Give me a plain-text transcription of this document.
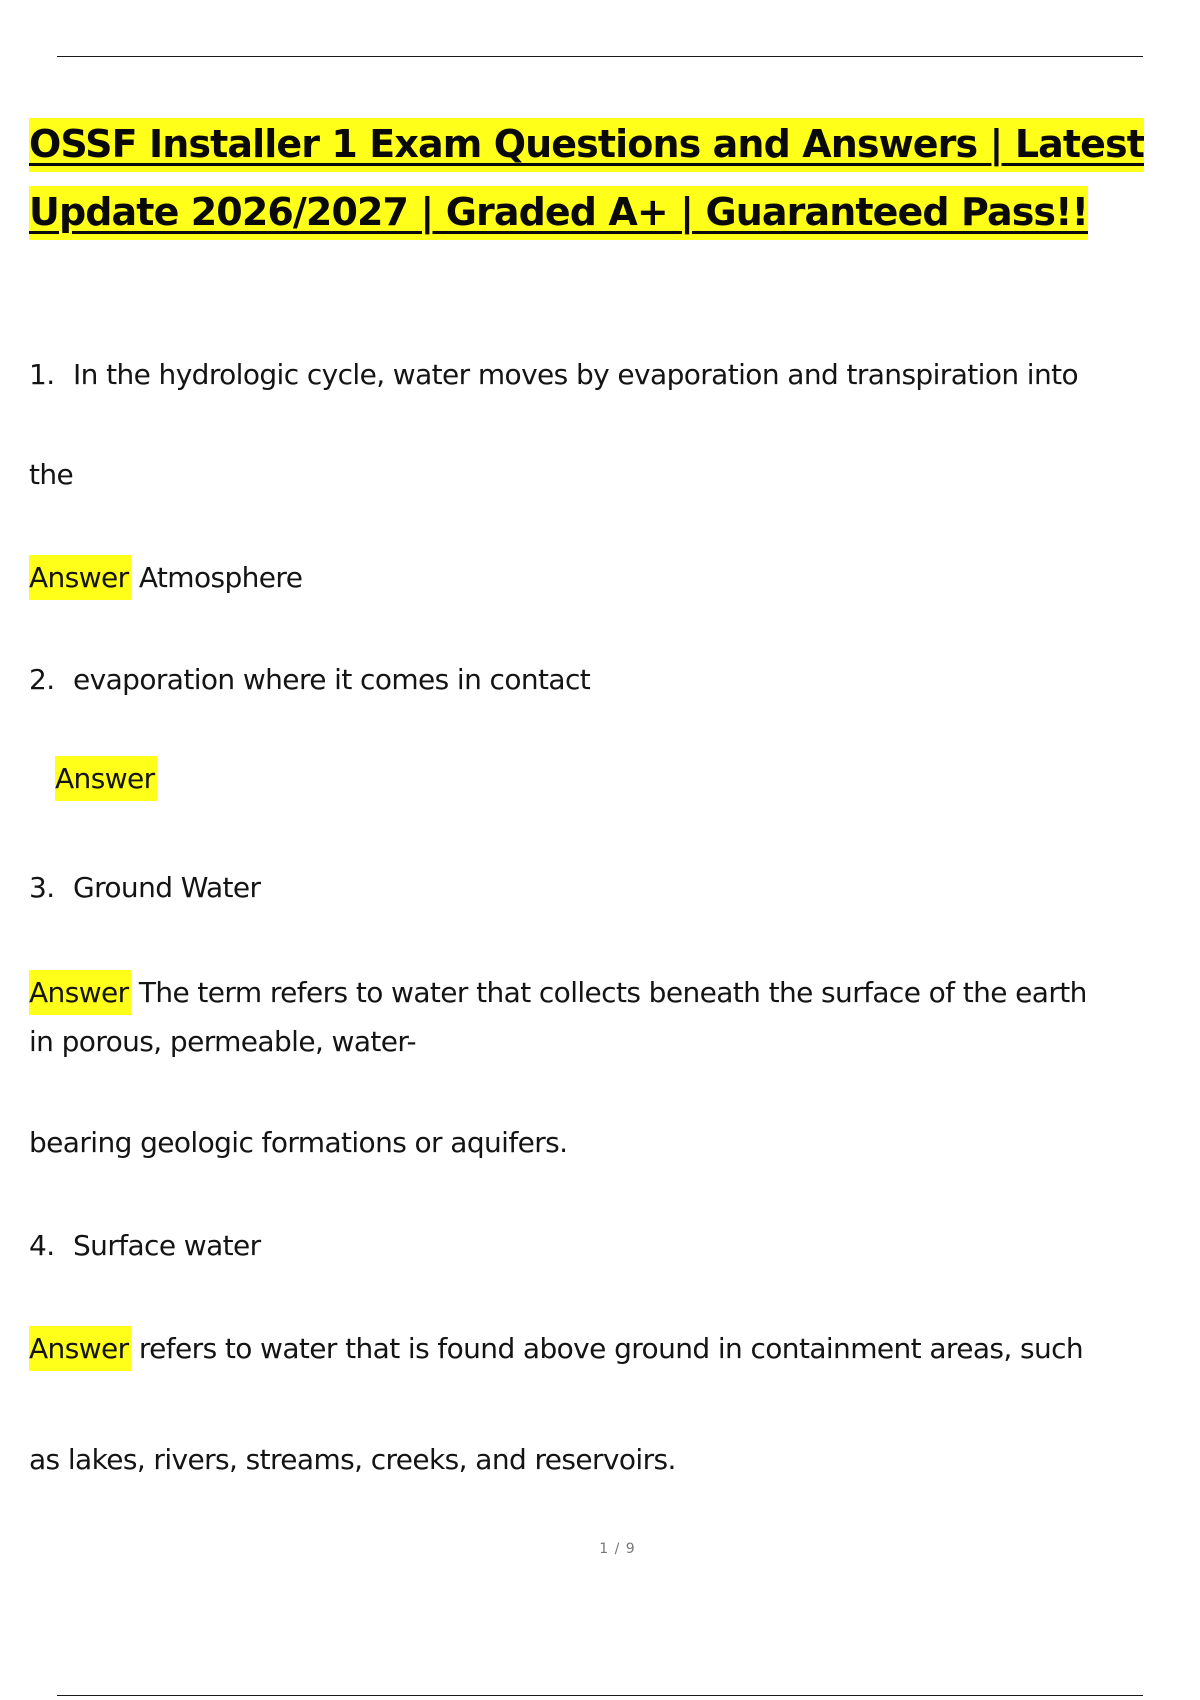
OSSF Installer 1 Exam Questions and Answers | Latest
Update 2026/2027 | Graded A+ | Guaranteed Pass!!
1. In the hydrologic cycle, water moves by evaporation and transpiration into
the
Answer Atmosphere
2. evaporation where it comes in contact
Answer
3. Ground Water
Answer The term refers to water that collects beneath the surface of the earth
in porous, permeable, water-
bearing geologic formations or aquifers.
4. Surface water
Answer refers to water that is found above ground in containment areas, such
as lakes, rivers, streams, creeks, and reservoirs.
1 / 9
